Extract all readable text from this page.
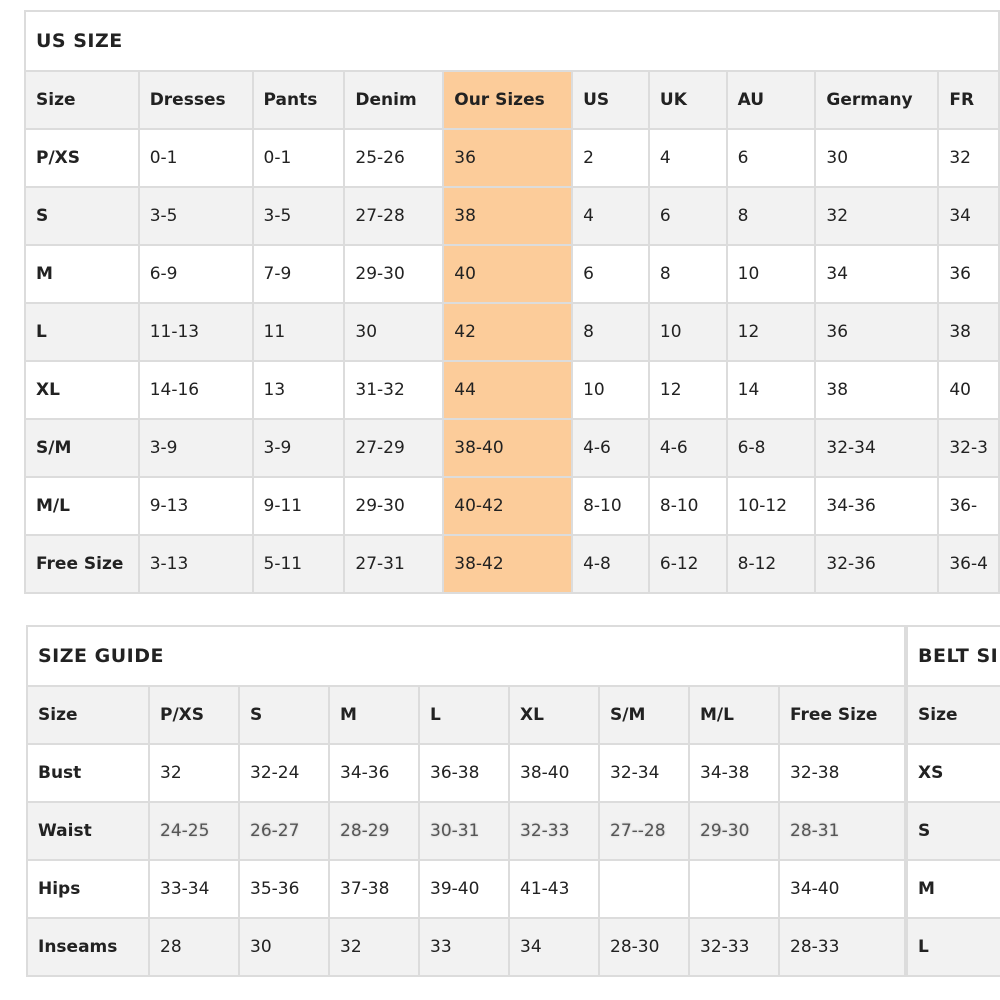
US SIZE									
Size	Dresses	Pants	Denim	Our Sizes	US	UK	AU	Germany	FR
P/XS	0-1	0-1	25-26	36	2	4	6	30	32
S	3-5	3-5	27-28	38	4	6	8	32	34
M	6-9	7-9	29-30	40	6	8	10	34	36
L	11-13	11	30	42	8	10	12	36	38
XL	14-16	13	31-32	44	10	12	14	38	40
S/M	3-9	3-9	27-29	38-40	4-6	4-6	6-8	32-34	32-3
M/L	9-13	9-11	29-30	40-42	8-10	8-10	10-12	34-36	36-
Free Size	3-13	5-11	27-31	38-42	4-8	6-12	8-12	32-36	36-4
SIZE GUIDE								
Size	P/XS	S	M	L	XL	S/M	M/L	Free Size
Bust	32	32-24	34-36	36-38	38-40	32-34	34-38	32-38
Waist	24-25	26-27	28-29	30-31	32-33	27--28	29-30	28-31
Hips	33-34	35-36	37-38	39-40	41-43			34-40
Inseams	28	30	32	33	34	28-30	32-33	28-33
BELT SI
Size
XS
S
M
L
